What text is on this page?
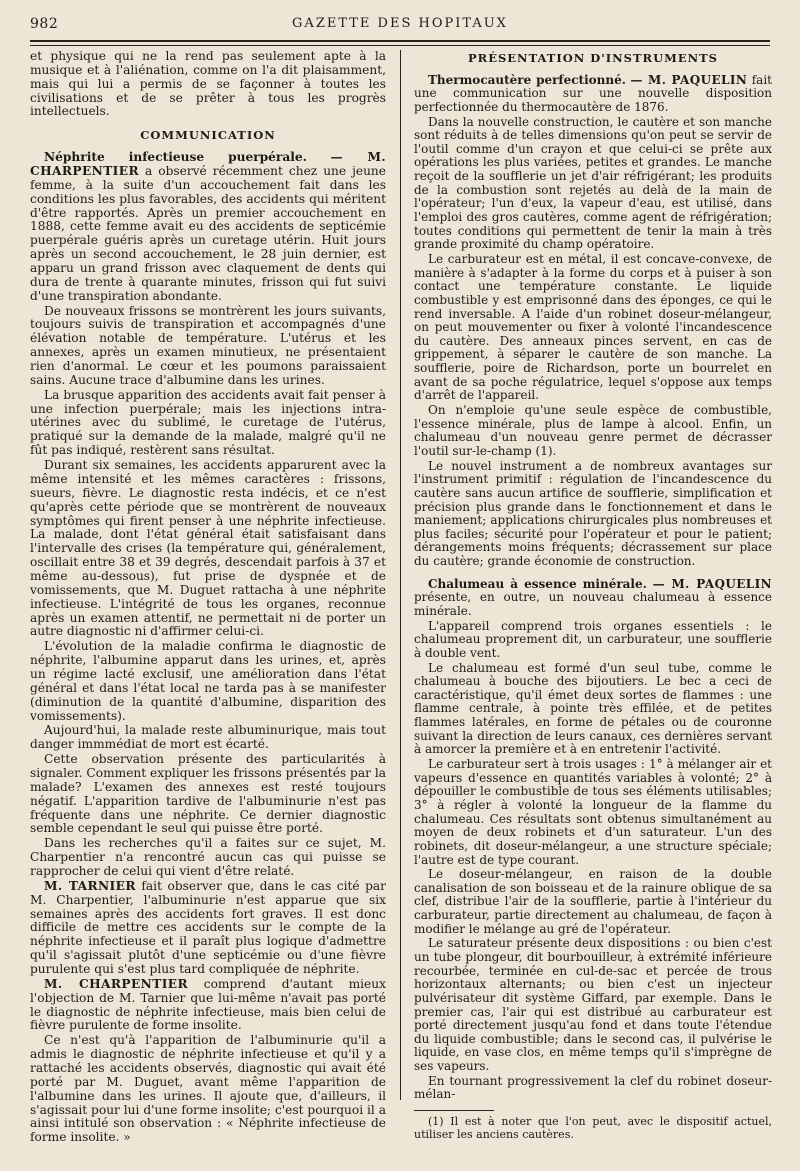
982	GAZETTE DES HOPITAUX

et physique qui ne la rend pas seulement apte à la musique et à l'aliénation, comme on l'a dit plaisamment, mais qui lui a permis de se façonner à toutes les civilisations et de se prêter à tous les progrès intellectuels.

COMMUNICATION

Néphrite infectieuse puerpérale. — M. CHARPENTIER a observé récemment chez une jeune femme, à la suite d'un accouchement fait dans les conditions les plus favorables, des accidents qui méritent d'être rapportés. Après un premier accouchement en 1888, cette femme avait eu des accidents de septicémie puerpérale guéris après un curetage utérin. Huit jours après un second accouchement, le 28 juin dernier, est apparu un grand frisson avec claquement de dents qui dura de trente à quarante minutes, frisson qui fut suivi d'une transpiration abondante.

De nouveaux frissons se montrèrent les jours suivants, toujours suivis de transpiration et accompagnés d'une élévation notable de température. L'utérus et les annexes, après un examen minutieux, ne présentaient rien d'anormal. Le cœur et les poumons paraissaient sains. Aucune trace d'albumine dans les urines.

La brusque apparition des accidents avait fait penser à une infection puerpérale; mais les injections intra-utérines avec du sublimé, le curetage de l'utérus, pratiqué sur la demande de la malade, malgré qu'il ne fût pas indiqué, restèrent sans résultat.

Durant six semaines, les accidents apparurent avec la même intensité et les mêmes caractères : frissons, sueurs, fièvre. Le diagnostic resta indécis, et ce n'est qu'après cette période que se montrèrent de nouveaux symptômes qui firent penser à une néphrite infectieuse. La malade, dont l'état général était satisfaisant dans l'intervalle des crises (la température qui, généralement, oscillait entre 38 et 39 degrés, descendait parfois à 37 et même au-dessous), fut prise de dyspnée et de vomissements, que M. Duguet rattacha à une néphrite infectieuse. L'intégrité de tous les organes, reconnue après un examen attentif, ne permettait ni de porter un autre diagnostic ni d'affirmer celui-ci.

L'évolution de la maladie confirma le diagnostic de néphrite, l'albumine apparut dans les urines, et, après un régime lacté exclusif, une amélioration dans l'état général et dans l'état local ne tarda pas à se manifester (diminution de la quantité d'albumine, disparition des vomissements).

Aujourd'hui, la malade reste albuminurique, mais tout danger immmédiat de mort est écarté.

Cette observation présente des particularités à signaler. Comment expliquer les frissons présentés par la malade? L'examen des annexes est resté toujours négatif. L'apparition tardive de l'albuminurie n'est pas fréquente dans une néphrite. Ce dernier diagnostic semble cependant le seul qui puisse être porté.

Dans les recherches qu'il a faites sur ce sujet, M. Charpentier n'a rencontré aucun cas qui puisse se rapprocher de celui qui vient d'être relaté.

M. TARNIER fait observer que, dans le cas cité par M. Charpentier, l'albuminurie n'est apparue que six semaines après des accidents fort graves. Il est donc difficile de mettre ces accidents sur le compte de la néphrite infectieuse et il paraît plus logique d'admettre qu'il s'agissait plutôt d'une septicémie ou d'une fièvre purulente qui s'est plus tard compliquée de néphrite.

M. CHARPENTIER comprend d'autant mieux l'objection de M. Tarnier que lui-même n'avait pas porté le diagnostic de néphrite infectieuse, mais bien celui de fièvre purulente de forme insolite.

Ce n'est qu'à l'apparition de l'albuminurie qu'il a admis le diagnostic de néphrite infectieuse et qu'il y a rattaché les accidents observés, diagnostic qui avait été porté par M. Duguet, avant même l'apparition de l'albumine dans les urines. Il ajoute que, d'ailleurs, il s'agissait pour lui d'une forme insolite; c'est pourquoi il a ainsi intitulé son observation : « Néphrite infectieuse de forme insolite. »

PRÉSENTATION D'INSTRUMENTS

Thermocautère perfectionné. — M. PAQUELIN fait une communication sur une nouvelle disposition perfectionnée du thermocautère de 1876.

Dans la nouvelle construction, le cautère et son manche sont réduits à de telles dimensions qu'on peut se servir de l'outil comme d'un crayon et que celui-ci se prête aux opérations les plus variées, petites et grandes. Le manche reçoit de la soufflerie un jet d'air réfrigérant; les produits de la combustion sont rejetés au delà de la main de l'opérateur; l'un d'eux, la vapeur d'eau, est utilisé, dans l'emploi des gros cautères, comme agent de réfrigération; toutes conditions qui permettent de tenir la main à très grande proximité du champ opératoire.

Le carburateur est en métal, il est concave-convexe, de manière à s'adapter à la forme du corps et à puiser à son contact une température constante. Le liquide combustible y est emprisonné dans des éponges, ce qui le rend inversable. A l'aide d'un robinet doseur-mélangeur, on peut mouvementer ou fixer à volonté l'incandescence du cautère. Des anneaux pinces servent, en cas de grippement, à séparer le cautère de son manche. La soufflerie, poire de Richardson, porte un bourrelet en avant de sa poche régulatrice, lequel s'oppose aux temps d'arrêt de l'appareil.

On n'emploie qu'une seule espèce de combustible, l'essence minérale, plus de lampe à alcool. Enfin, un chalumeau d'un nouveau genre permet de décrasser l'outil sur-le-champ (1).

Le nouvel instrument a de nombreux avantages sur l'instrument primitif : régulation de l'incandescence du cautère sans aucun artifice de soufflerie, simplification et précision plus grande dans le fonctionnement et dans le maniement; applications chirurgicales plus nombreuses et plus faciles; sécurité pour l'opérateur et pour le patient; dérangements moins fréquents; décrassement sur place du cautère; grande économie de construction.

Chalumeau à essence minérale. — M. PAQUELIN présente, en outre, un nouveau chalumeau à essence minérale.

L'appareil comprend trois organes essentiels : le chalumeau proprement dit, un carburateur, une soufflerie à double vent.

Le chalumeau est formé d'un seul tube, comme le chalumeau à bouche des bijoutiers. Le bec a ceci de caractéristique, qu'il émet deux sortes de flammes : une flamme centrale, à pointe très effilée, et de petites flammes latérales, en forme de pétales ou de couronne suivant la direction de leurs canaux, ces dernières servant à amorcer la première et à en entretenir l'activité.

Le carburateur sert à trois usages : 1° à mélanger air et vapeurs d'essence en quantités variables à volonté; 2° à dépouiller le combustible de tous ses éléments utilisables; 3° à régler à volonté la longueur de la flamme du chalumeau. Ces résultats sont obtenus simultanément au moyen de deux robinets et d'un saturateur. L'un des robinets, dit doseur-mélangeur, a une structure spéciale; l'autre est de type courant.

Le doseur-mélangeur, en raison de la double canalisation de son boisseau et de la rainure oblique de sa clef, distribue l'air de la soufflerie, partie à l'intérieur du carburateur, partie directement au chalumeau, de façon à modifier le mélange au gré de l'opérateur.

Le saturateur présente deux dispositions : ou bien c'est un tube plongeur, dit bourbouilleur, à extrémité inférieure recourbée, terminée en cul-de-sac et percée de trous horizontaux alternants; ou bien c'est un injecteur pulvérisateur dit système Giffard, par exemple. Dans le premier cas, l'air qui est distribué au carburateur est porté directement jusqu'au fond et dans toute l'étendue du liquide combustible; dans le second cas, il pulvérise le liquide, en vase clos, en même temps qu'il s'imprègne de ses vapeurs.

En tournant progressivement la clef du robinet doseur-mélan-

(1) Il est à noter que l'on peut, avec le dispositif actuel, utiliser les anciens cautères.
